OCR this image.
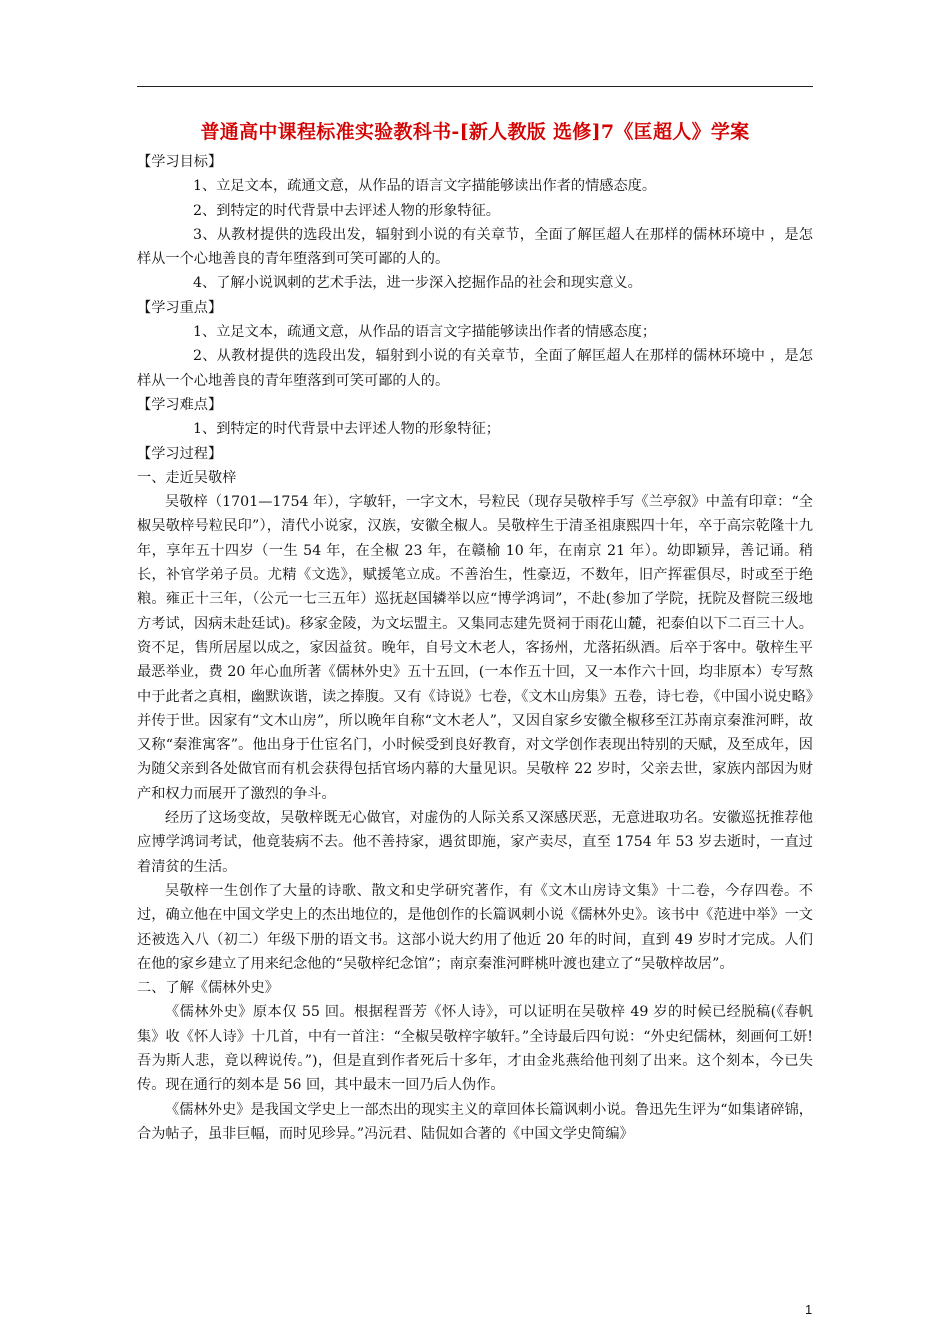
普通高中课程标准实验教科书-[新人教版 选修]7《匡超人》学案

【学习目标】

1、立足文本，疏通文意，从作品的语言文字描能够读出作者的情感态度。

2、到特定的时代背景中去评述人物的形象特征。

3、从教材提供的选段出发，辐射到小说的有关章节，全面了解匡超人在那样的儒林环境中 ，是怎样从一个心地善良的青年堕落到可笑可鄙的人的。

4、了解小说讽刺的艺术手法，进一步深入挖掘作品的社会和现实意义。

【学习重点】

1、立足文本，疏通文意，从作品的语言文字描能够读出作者的情感态度；

2、从教材提供的选段出发，辐射到小说的有关章节，全面了解匡超人在那样的儒林环境中 ，是怎样从一个心地善良的青年堕落到可笑可鄙的人的。

【学习难点】

1、到特定的时代背景中去评述人物的形象特征；

【学习过程】

一、走近吴敬梓

吴敬梓（1701—1754 年），字敏轩，一字文木，号粒民（现存吴敬梓手写《兰亭叙》中盖有印章：“全椒吴敬梓号粒民印”），清代小说家，汉族，安徽全椒人。吴敬梓生于清圣祖康熙四十年，卒于高宗乾隆十九年，享年五十四岁（一生 54 年，在全椒 23 年，在赣榆 10 年，在南京 21 年）。幼即颖异，善记诵。稍长，补官学弟子员。尤精《文选》，赋援笔立成。不善治生，性豪迈，不数年，旧产挥霍俱尽，时或至于绝粮。雍正十三年，（公元一七三五年）巡抚赵国辚举以应“博学鸿词”，不赴(参加了学院，抚院及督院三级地方考试，因病未赴廷试)。移家金陵，为文坛盟主。又集同志建先贤祠于雨花山麓，祀泰伯以下二百三十人。资不足，售所居屋以成之，家因益贫。晚年，自号文木老人，客扬州，尤落拓纵酒。后卒于客中。敬梓生平最恶举业，费 20 年心血所著《儒林外史》五十五回，(一本作五十回，又一本作六十回，均非原本）专写熬中于此者之真相，幽默诙谐，读之捧腹。又有《诗说》七卷，《文木山房集》五卷，诗七卷，《中国小说史略》并传于世。因家有“文木山房”，所以晚年自称“文木老人”，又因自家乡安徽全椒移至江苏南京秦淮河畔，故又称“秦淮寓客”。他出身于仕宦名门，小时候受到良好教育，对文学创作表现出特别的天赋，及至成年，因为随父亲到各处做官而有机会获得包括官场内幕的大量见识。吴敬梓 22 岁时，父亲去世，家族内部因为财产和权力而展开了激烈的争斗。

经历了这场变故，吴敬梓既无心做官，对虚伪的人际关系又深感厌恶，无意进取功名。安徽巡抚推荐他应博学鸿词考试，他竟装病不去。他不善持家，遇贫即施，家产卖尽，直至 1754 年 53 岁去逝时，一直过着清贫的生活。

吴敬梓一生创作了大量的诗歌、散文和史学研究著作，有《文木山房诗文集》十二卷，今存四卷。不过，确立他在中国文学史上的杰出地位的，是他创作的长篇讽刺小说《儒林外史》。该书中《范进中举》一文还被选入八（初二）年级下册的语文书。这部小说大约用了他近 20 年的时间，直到 49 岁时才完成。人们在他的家乡建立了用来纪念他的“吴敬梓纪念馆”；南京秦淮河畔桃叶渡也建立了“吴敬梓故居”。

二、了解《儒林外史》

《儒林外史》原本仅 55 回。根据程晋芳《怀人诗》，可以证明在吴敬梓 49 岁的时候已经脱稿(《春帆集》收《怀人诗》十几首，中有一首注：“全椒吴敬梓字敏轩。”全诗最后四句说：“外史纪儒林，刻画何工妍!吾为斯人悲，竟以稗说传。”)，但是直到作者死后十多年，才由金兆燕给他刊刻了出来。这个刻本，今已失传。现在通行的刻本是 56 回，其中最末一回乃后人伪作。

《儒林外史》是我国文学史上一部杰出的现实主义的章回体长篇讽刺小说。鲁迅先生评为“如集诸碎锦，合为帖子，虽非巨幅，而时见珍异。”冯沅君、陆侃如合著的《中国文学史简编》

1
